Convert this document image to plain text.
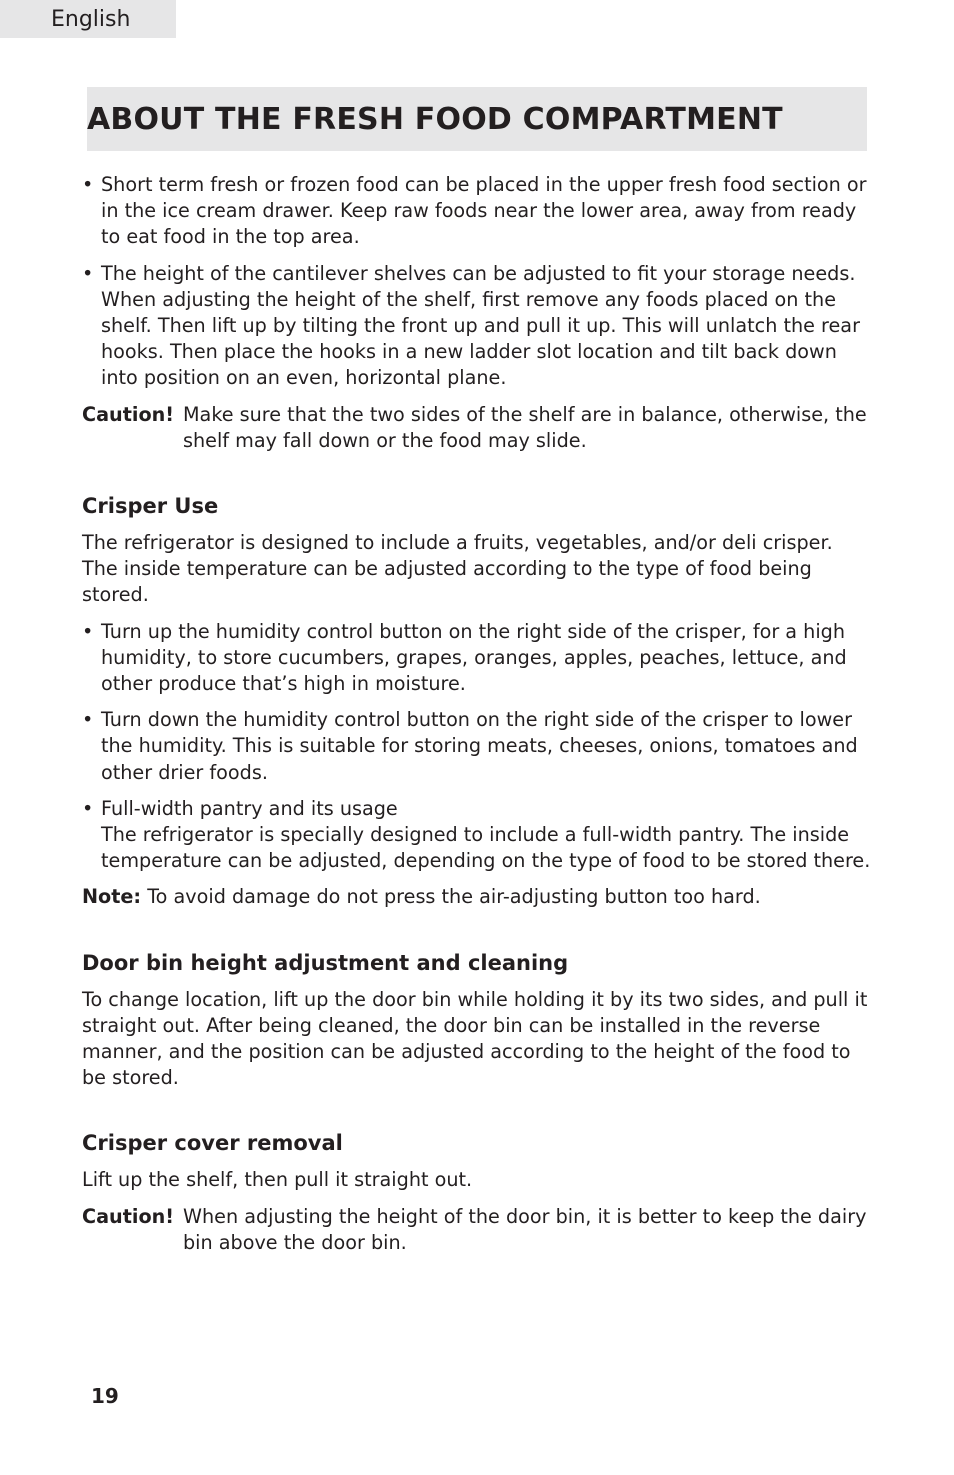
English
ABOUT THE FRESH FOOD COMPARTMENT
• Short term fresh or frozen food can be placed in the upper fresh food section or in the ice cream drawer. Keep raw foods near the lower area, away from ready to eat food in the top area.
• The height of the cantilever shelves can be adjusted to fit your storage needs. When adjusting the height of the shelf, first remove any foods placed on the shelf. Then lift up by tilting the front up and pull it up. This will unlatch the rear hooks. Then place the hooks in a new ladder slot location and tilt back down into position on an even, horizontal plane.
Caution! Make sure that the two sides of the shelf are in balance, otherwise, the shelf may fall down or the food may slide.
Crisper Use

The refrigerator is designed to include a fruits, vegetables, and/or deli crisper. The inside temperature can be adjusted according to the type of food being stored.

• Turn up the humidity control button on the right side of the crisper, for a high humidity, to store cucumbers, grapes, oranges, apples, peaches, lettuce, and other produce that’s high in moisture.
• Turn down the humidity control button on the right side of the crisper to lower the humidity. This is suitable for storing meats, cheeses, onions, tomatoes and other drier foods.
• Full-width pantry and its usage
The refrigerator is specially designed to include a full-width pantry. The inside temperature can be adjusted, depending on the type of food to be stored there.
Note: To avoid damage do not press the air-adjusting button too hard.
Door bin height adjustment and cleaning

To change location, lift up the door bin while holding it by its two sides, and pull it straight out. After being cleaned, the door bin can be installed in the reverse manner, and the position can be adjusted according to the height of the food to be stored.

Crisper cover removal

Lift up the shelf, then pull it straight out.

Caution! When adjusting the height of the door bin, it is better to keep the dairy bin above the door bin.
19
